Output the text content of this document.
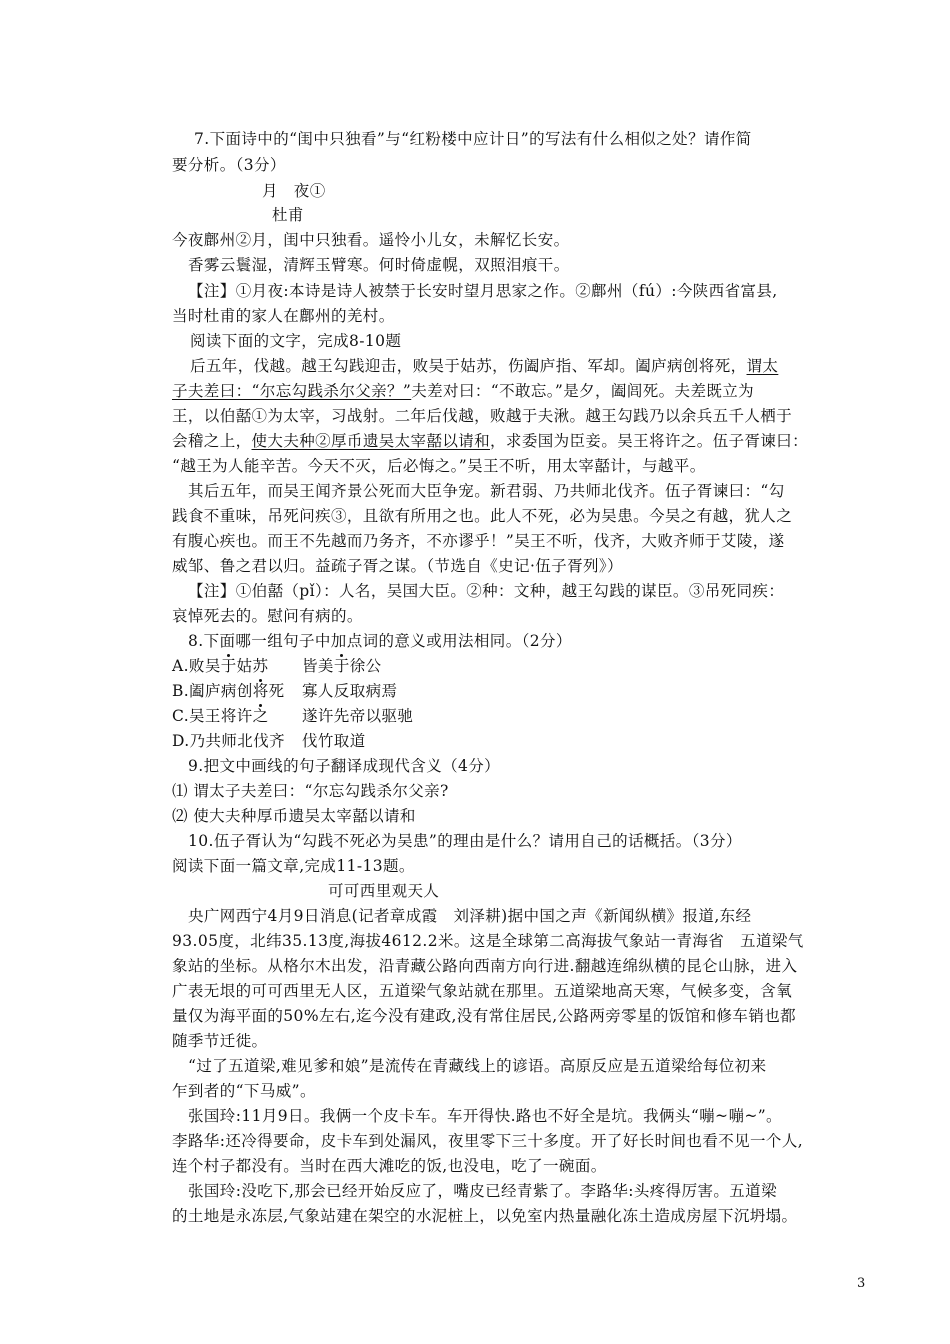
7.下面诗中的“闺中只独看”与“红粉楼中应计日”的写法有什么相似之处？请作简
要分析。（3分）
月　夜①
杜甫
今夜鄜州②月，闺中只独看。遥怜小儿女，未解忆长安。
香雾云鬟湿，清辉玉臂寒。何时倚虚幌，双照泪痕干。
【注】①月夜:本诗是诗人被禁于长安时望月思家之作。②鄜州（fú）:今陕西省富县,
当时杜甫的家人在鄜州的羌村。
阅读下面的文字，完成8-10题
后五年，伐越。越王勾践迎击，败吴于姑苏，伤阖庐指、军却。阖庐病创将死，谓太
子夫差曰：“尔忘勾践杀尔父亲？”夫差对曰：“不敢忘。”是夕，阖闾死。夫差既立为
王，以伯嚭①为太宰，习战射。二年后伐越，败越于夫湫。越王勾践乃以余兵五千人栖于
会稽之上，使大夫种②厚币遗吴太宰嚭以请和，求委国为臣妾。吴王将许之。伍子胥谏曰：
“越王为人能辛苦。今天不灭，后必悔之。”吴王不听，用太宰嚭计，与越平。
其后五年，而吴王闻齐景公死而大臣争宠。新君弱、乃共师北伐齐。伍子胥谏曰：“勾
践食不重味，吊死问疾③，且欲有所用之也。此人不死，必为吴患。今吴之有越，犹人之
有腹心疾也。而王不先越而乃务齐，不亦谬乎！”吴王不听，伐齐，大败齐师于艾陵，遂
威邹、鲁之君以归。益疏子胥之谋。（节选自《史记·伍子胥列》）
【注】①伯嚭（pǐ）：人名，吴国大臣。②种：文种，越王勾践的谋臣。③吊死同疾：
哀悼死去的。慰问有病的。
8.下面哪一组句子中加点词的意义或用法相同。（2分）
A.败吴于姑苏 皆美于徐公
B.阖庐病创将死 寡人反取病焉
C.吴王将许之 遂许先帝以驱驰
D.乃共师北伐齐 伐竹取道
9.把文中画线的句子翻译成现代含义（4分）
⑴ 谓太子夫差曰：“尔忘勾践杀尔父亲?
⑵ 使大夫种厚币遗吴太宰嚭以请和
10.伍子胥认为“勾践不死必为吴患”的理由是什么？请用自己的话概括。（3分）
阅读下面一篇文章,完成11-13题。
可可西里观天人
央广网西宁4月9日消息(记者章成霞　刘泽耕)据中国之声《新闻纵横》报道,东经
93.05度，北纬35.13度,海拔4612.2米。这是全球第二高海拔气象站一青海省　五道梁气
象站的坐标。从格尔木出发，沿青藏公路向西南方向行进.翻越连绵纵横的昆仑山脉，进入
广表无垠的可可西里无人区，五道梁气象站就在那里。五道梁地高天寒，气候多变，含氧
量仅为海平面的50%左右,迄今没有建政,没有常住居民,公路两旁零星的饭馆和修车销也都
随季节迁徙。
“过了五道梁,难见爹和娘”是流传在青藏线上的谚语。高原反应是五道梁给每位初来
乍到者的“下马威”。
张国玲:11月9日。我俩一个皮卡车。车开得快.路也不好全是坑。我俩头“嘣~嘣~”。
李路华:还冷得要命，皮卡车到处漏风，夜里零下三十多度。开了好长时间也看不见一个人,
连个村子都没有。当时在西大滩吃的饭,也没电，吃了一碗面。
张国玲:没吃下,那会已经开始反应了，嘴皮已经青紫了。李路华:头疼得厉害。五道梁
的土地是永冻层,气象站建在架空的水泥桩上，以免室内热量融化冻土造成房屋下沉坍塌。
3
